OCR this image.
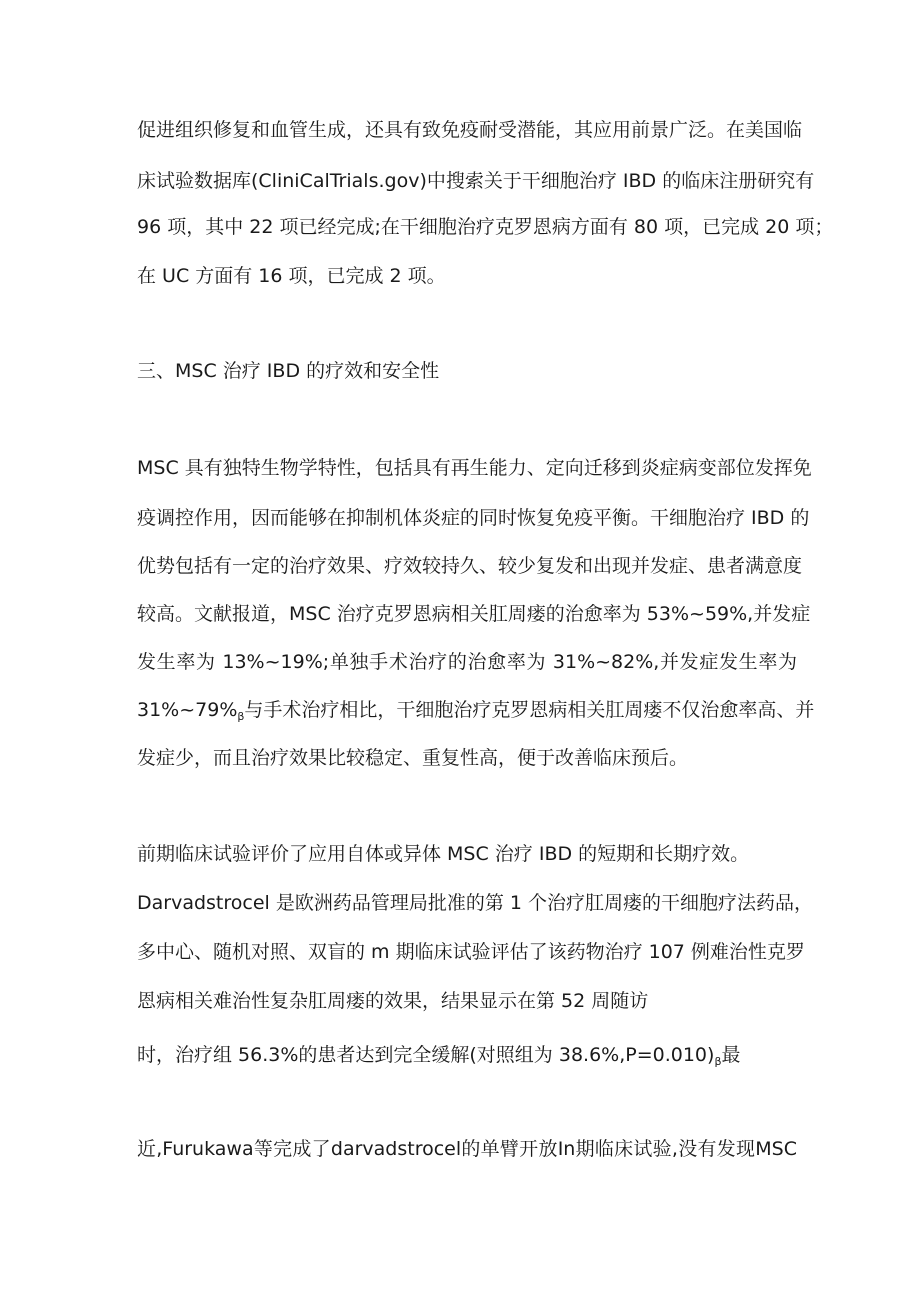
促进组织修复和血管生成，还具有致免疫耐受潜能，其应用前景广泛。在美国临
床试验数据库(CliniCalTrials.gov)中搜索关于干细胞治疗 IBD 的临床注册研究有
96 项，其中 22 项已经完成;在干细胞治疗克罗恩病方面有 80 项，已完成 20 项；
在 UC 方面有 16 项，已完成 2 项。
三、MSC 治疗 IBD 的疗效和安全性
MSC 具有独特生物学特性，包括具有再生能力、定向迁移到炎症病变部位发挥免
疫调控作用，因而能够在抑制机体炎症的同时恢复免疫平衡。干细胞治疗 IBD 的
优势包括有一定的治疗效果、疗效较持久、较少复发和出现并发症、患者满意度
较高。文献报道，MSC 治疗克罗恩病相关肛周瘘的治愈率为 53%~59%,并发症
发生率为 13%~19%;单独手术治疗的治愈率为 31%~82%,并发症发生率为
$31\%\sim 79\%_\beta$与手术治疗相比，干细胞治疗克罗恩病相关肛周瘘不仅治愈率高、并
发症少，而且治疗效果比较稳定、重复性高，便于改善临床预后。
前期临床试验评价了应用自体或异体 MSC 治疗 IBD 的短期和长期疗效。
Darvadstrocel 是欧洲药品管理局批准的第 1 个治疗肛周瘘的干细胞疗法药品，
多中心、随机对照、双盲的 m 期临床试验评估了该药物治疗 107 例难治性克罗
恩病相关难治性复杂肛周瘘的效果，结果显示在第 52 周随访
时，治疗组 56.3%的患者达到完全缓解(对照组为 $38.6\%,P=0.010)_\beta$最
近,Furukawa等完成了darvadstrocel的单臂开放In期临床试验,没有发现MSC
